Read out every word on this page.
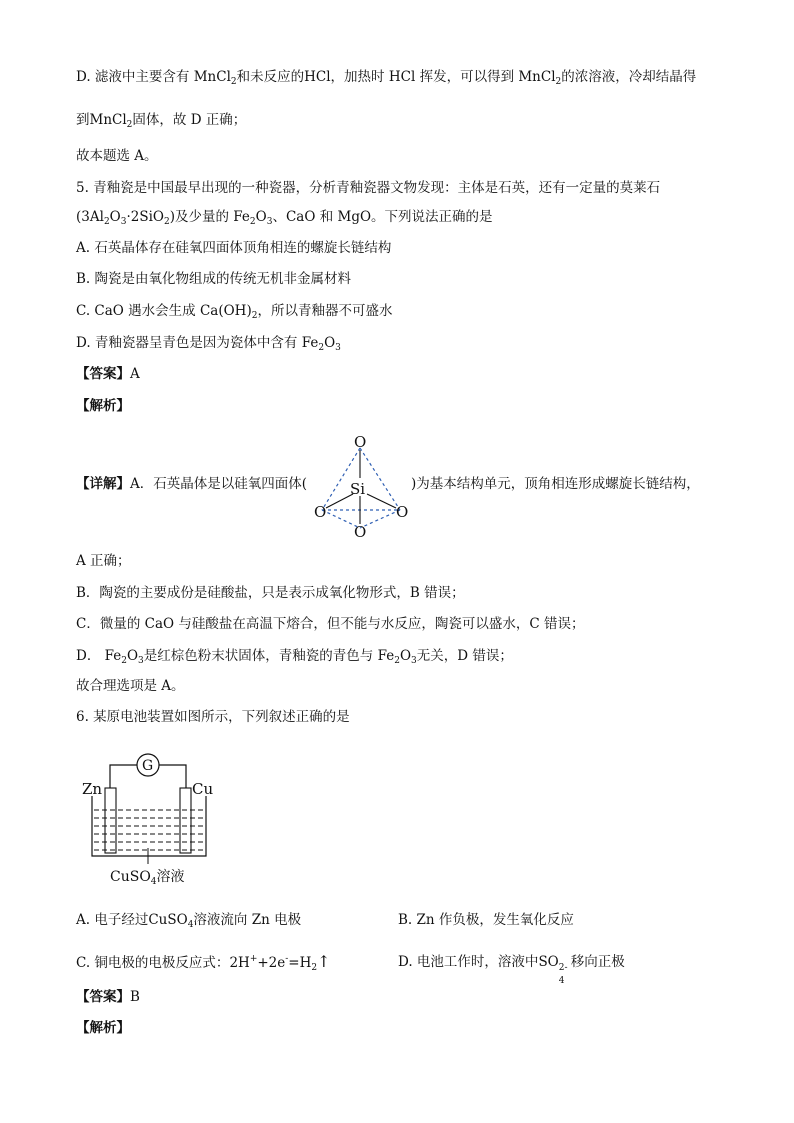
D. 滤液中主要含有 MnCl$_2$和未反应的HCl，加热时 HCl 挥发，可以得到 MnCl$_2$的浓溶液，冷却结晶得
到MnCl$_2$固体，故 D 正确；
故本题选 A。
5. 青釉瓷是中国最早出现的一种瓷器，分析青釉瓷器文物发现：主体是石英，还有一定量的莫莱石
$(3Al_2O_3\cdot 2SiO_2)$及少量的 $Fe_2O_3$、CaO 和 MgO。下列说法正确的是
A. 石英晶体存在硅氧四面体顶角相连的螺旋长链结构
B. 陶瓷是由氧化物组成的传统无机非金属材料
C. CaO 遇水会生成 $Ca(OH)_2$，所以青釉器不可盛水
D. 青釉瓷器呈青色是因为瓷体中含有 $Fe_2O_3$
【答案】A
【解析】
【详解】A．石英晶体是以硅氧四面体(	)为基本结构单元，顶角相连形成螺旋长链结构，
O
Si
O	O
O
A 正确；
B．陶瓷的主要成份是硅酸盐，只是表示成氧化物形式，B 错误；
C．微量的 CaO 与硅酸盐在高温下熔合，但不能与水反应，陶瓷可以盛水，C 错误；
D． $Fe_2O_3$是红棕色粉末状固体，青釉瓷的青色与 $Fe_2O_3$无关，D 错误；
故合理选项是 A。
6. 某原电池装置如图所示，下列叙述正确的是
G
Zn	Cu
CuSO$_4$溶液
A. 电子经过CuSO$_4$溶液流向 Zn 电极	B. Zn 作负极，发生氧化反应
C. 铜电极的电极反应式：$2H^++2e^-=H_2↑$	D. 电池工作时，溶液中SO 2-
4
移向正极
【答案】B
【解析】
